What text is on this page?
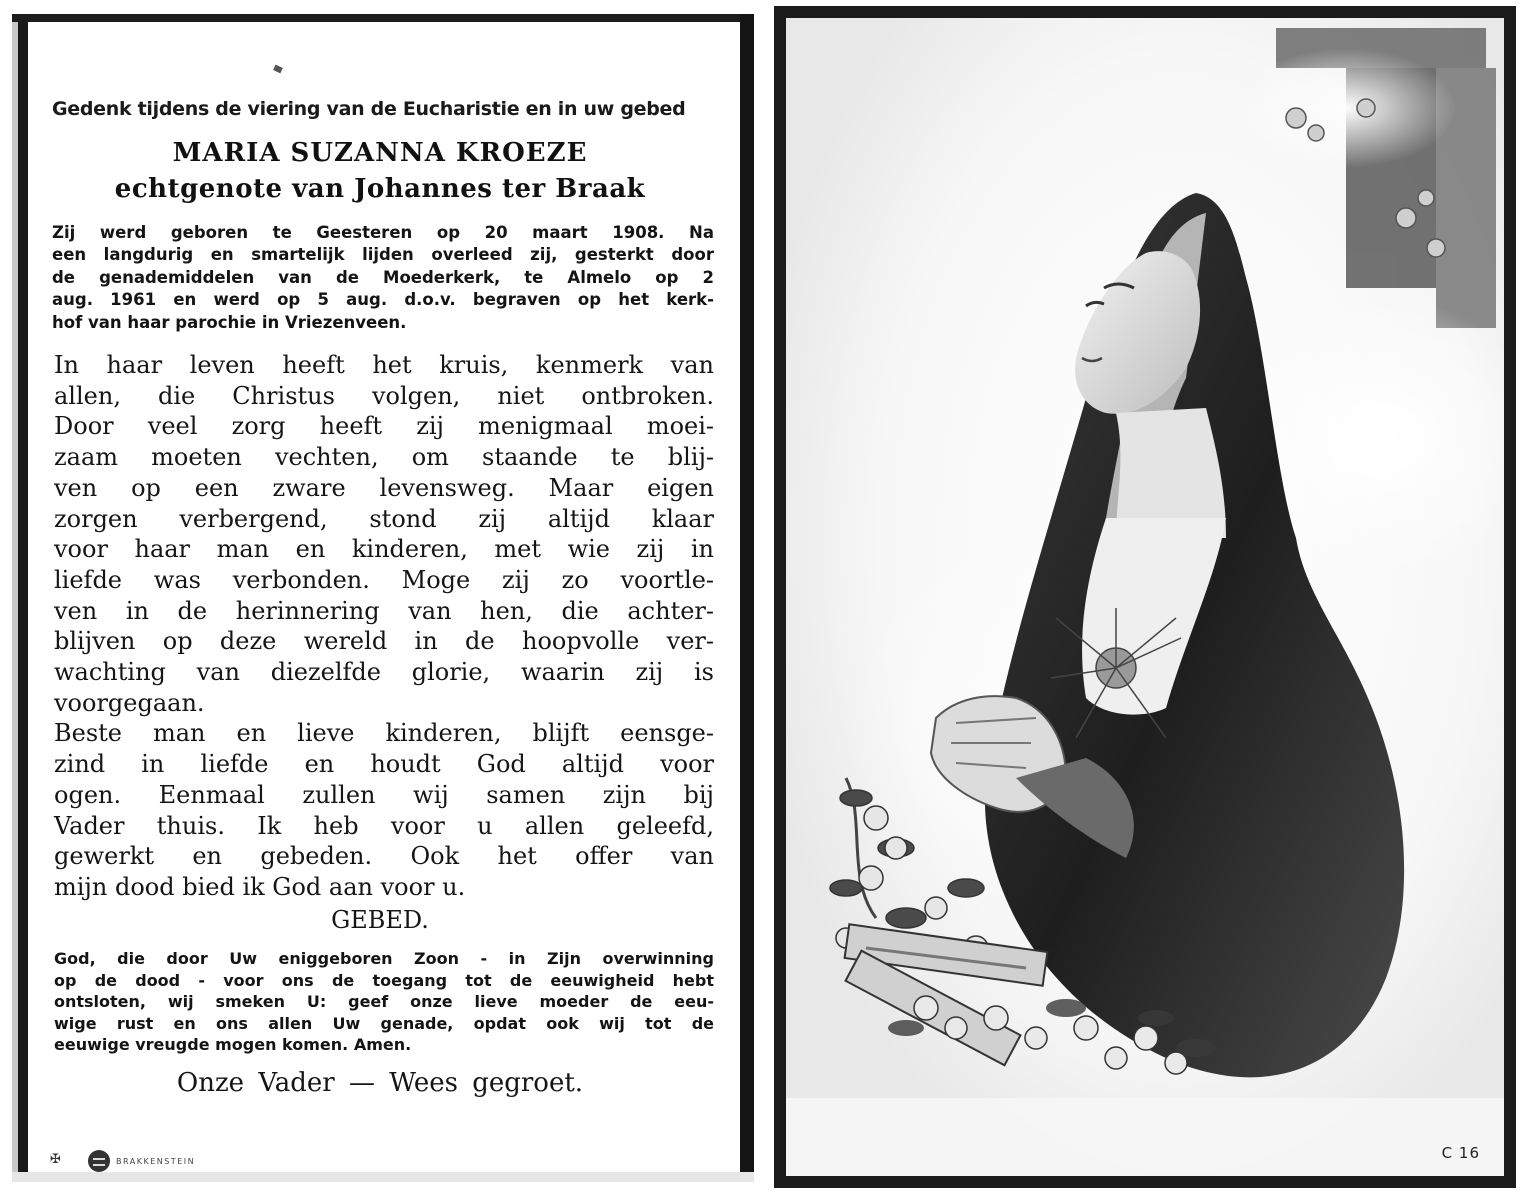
Gedenk tijdens de viering van de Eucharistie en in uw gebed
MARIA SUZANNA KROEZE
echtgenote van Johannes ter Braak
Zij werd geboren te Geesteren op 20 maart 1908. Na
een langdurig en smartelijk lijden overleed zij, gesterkt door
de genademiddelen van de Moederkerk, te Almelo op 2
aug. 1961 en werd op 5 aug. d.o.v. begraven op het kerk-
hof van haar parochie in Vriezenveen.
In haar leven heeft het kruis, kenmerk van
allen, die Christus volgen, niet ontbroken.
Door veel zorg heeft zij menigmaal moei-
zaam moeten vechten, om staande te blij-
ven op een zware levensweg. Maar eigen
zorgen verbergend, stond zij altijd klaar
voor haar man en kinderen, met wie zij in
liefde was verbonden. Moge zij zo voortle-
ven in de herinnering van hen, die achter-
blijven op deze wereld in de hoopvolle ver-
wachting van diezelfde glorie, waarin zij is
voorgegaan.
Beste man en lieve kinderen, blijft eensge-
zind in liefde en houdt God altijd voor
ogen. Eenmaal zullen wij samen zijn bij
Vader thuis. Ik heb voor u allen geleefd,
gewerkt en gebeden. Ook het offer van
mijn dood bied ik God aan voor u.
GEBED.
God, die door Uw eniggeboren Zoon - in Zijn overwinning
op de dood - voor ons de toegang tot de eeuwigheid hebt
ontsloten, wij smeken U: geef onze lieve moeder de eeu-
wige rust en ons allen Uw genade, opdat ook wij tot de
eeuwige vreugde mogen komen. Amen.
Onze Vader — Wees gegroet.
✠	BRAKKENSTEIN	C 16
